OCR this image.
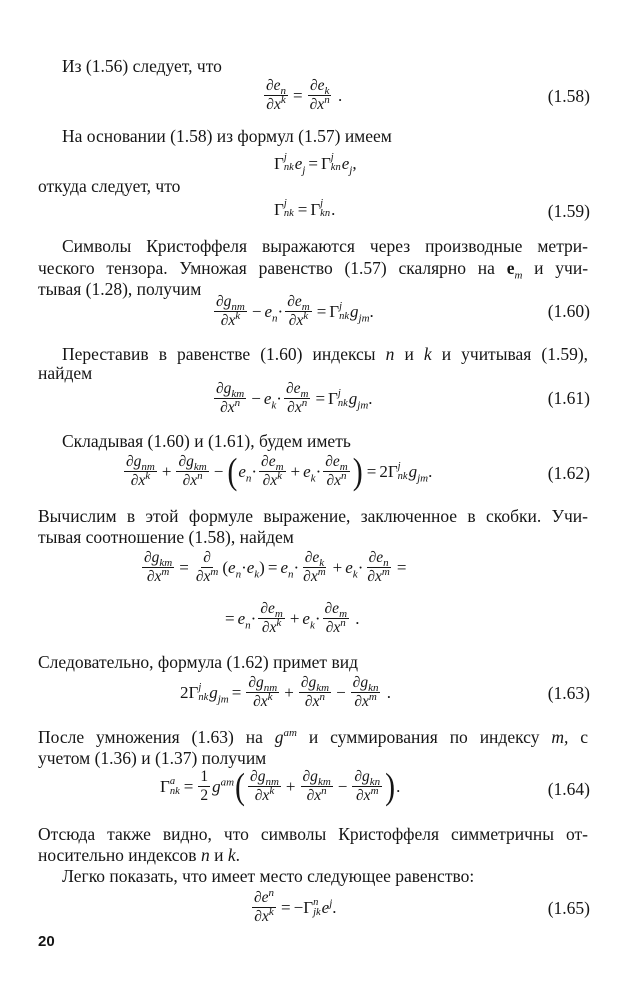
Из (1.56) следует, что
$\frac{\partial e_n}{\partial x^k} = \frac{\partial e_k}{\partial x^n}$ .	(1.58)
На основании (1.58) из формул (1.57) имеем
Γ j
nk $e_j = \Gamma$ j
kn $e_j$ ,
откуда следует, что
Γ j
nk = Γ j
kn .	(1.59)
Символы Кристоффеля выражаются через производные метри-
ческого тензора. Умножая равенство (1.57) скалярно на $e_m$ и учи-
тывая (1.28), получим
$\frac{\partial g_{nm}}{\partial x^k} - e_n \cdot \frac{\partial e_m}{\partial x^k} = \Gamma$ j
nk $g_{jm}$ .	(1.60)
Переставив в равенстве (1.60) индексы n и k и учитывая (1.59),
найдем
$\frac{\partial g_{km}}{\partial x^n} - e_k \cdot \frac{\partial e_m}{\partial x^n} = \Gamma$ j
nk $g_{jm}$ .	(1.61)
Складывая (1.60) и (1.61), будем иметь
$\frac{\partial g_{nm}}{\partial x^k} + \frac{\partial g_{km}}{\partial x^n}$ − ( $e_n \cdot \frac{\partial e_m}{\partial x^k} + e_k \cdot \frac{\partial e_m}{\partial x^n}$ ) = 2 Γ j
nk $g_{jm}$ .	(1.62)
Вычислим в этой формуле выражение, заключенное в скобки. Учи-
тывая соотношение (1.58), найдем
$\frac{\partial g_{km}}{\partial x^m} = \frac{\partial}{\partial x^m} (e_n\cdot e_k) = e_n \cdot \frac{\partial e_k}{\partial x^m} + e_k \cdot \frac{\partial e_n}{\partial x^m}$ =
= $e_n \cdot \frac{\partial e_m}{\partial x^k} + e_k \cdot \frac{\partial e_m}{\partial x^n}$ .
Следовательно, формула (1.62) примет вид
2 Γ j
nk $g_{jm} = \frac{\partial g_{nm}}{\partial x^k} + \frac{\partial g_{km}}{\partial x^n} - \frac{\partial g_{kn}}{\partial x^m}$ .	(1.63)
После умножения (1.63) на $g^{am}$ и суммирования по индексу m, с
учетом (1.36) и (1.37) получим
Γ a
nk = $\frac{1}{2} g^{am}$ ( $\frac{\partial g_{nm}}{\partial x^k} + \frac{\partial g_{km}}{\partial x^n} - \frac{\partial g_{kn}}{\partial x^m}$ ) .	(1.64)
Отсюда также видно, что символы Кристоффеля симметричны от-
носительно индексов n и k.
Легко показать, что имеет место следующее равенство:
$\frac{\partial e^n}{\partial x^k}$ = − Γ n
jk $e^j$ .	(1.65)
20
